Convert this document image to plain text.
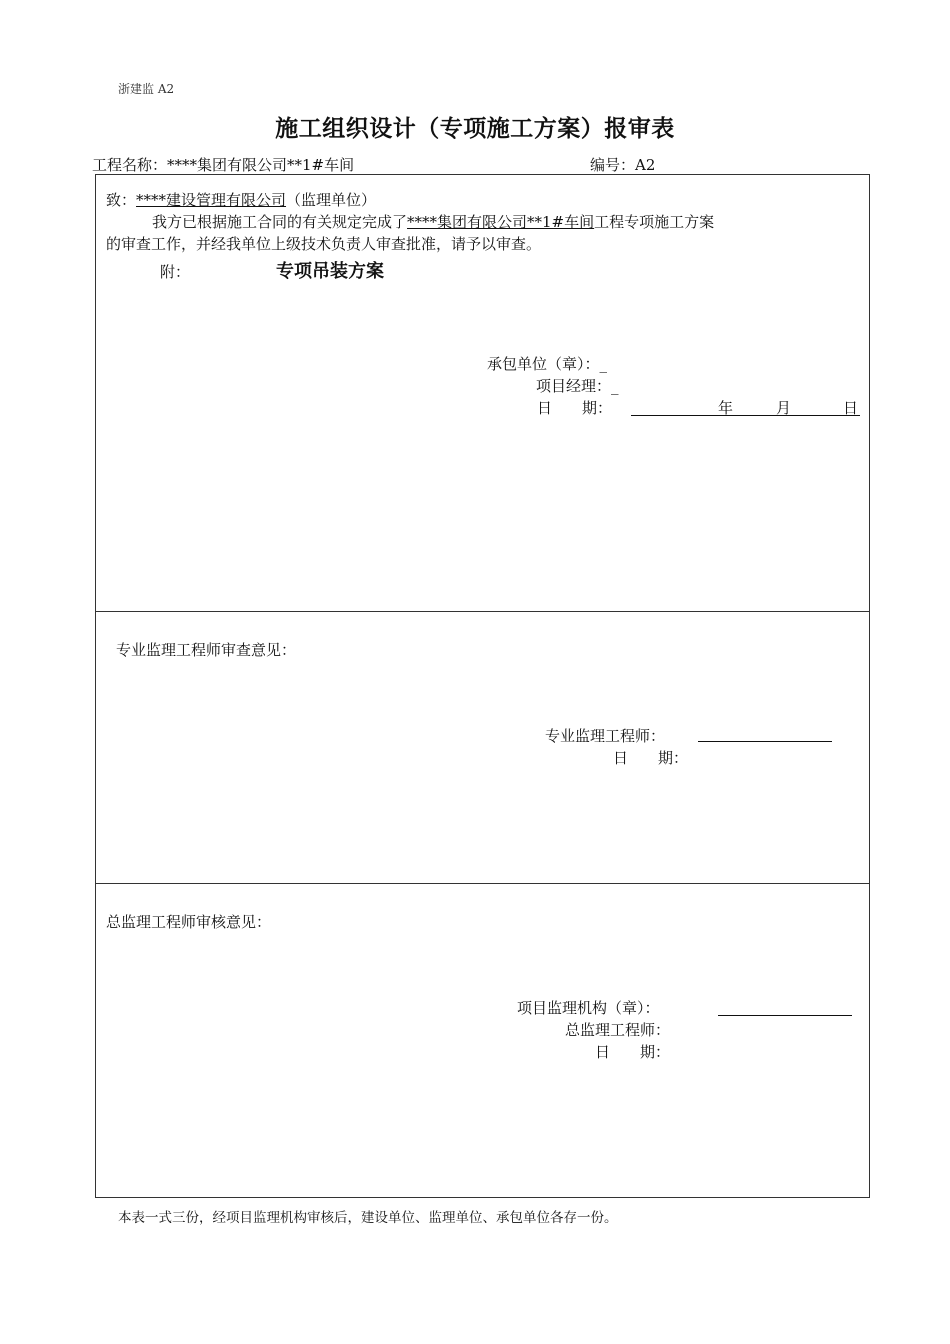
浙建监 A2
施工组织设计（专项施工方案）报审表
工程名称：****集团有限公司**1#车间	编号：A2
致：****建设管理有限公司（监理单位）
我方已根据施工合同的有关规定完成了****集团有限公司**1#车间工程专项施工方案
的审查工作，并经我单位上级技术负责人审查批准，请予以审查。
附：	专项吊装方案
承包单位（章）：_
项目经理：_
日　　期：	年	月	日
专业监理工程师审查意见：
专业监理工程师：
日　　期：
总监理工程师审核意见：
项目监理机构（章）：
总监理工程师：
日　　期：
本表一式三份，经项目监理机构审核后，建设单位、监理单位、承包单位各存一份。
